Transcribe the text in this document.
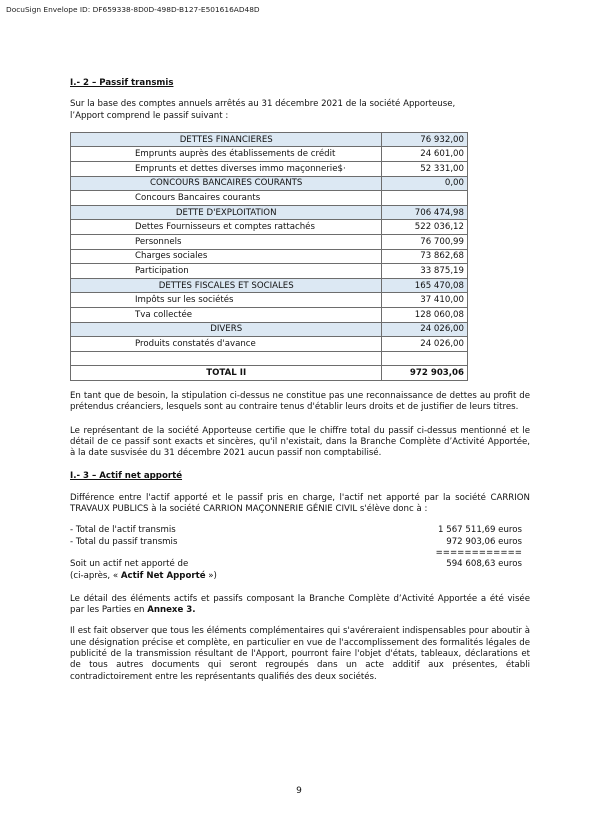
DocuSign Envelope ID: DF659338-8D0D-498D-B127-E501616AD48D
I.- 2 – Passif transmis

Sur la base des comptes annuels arrêtés au 31 décembre 2021 de la société Apporteuse,
l’Apport comprend le passif suivant :

DETTES FINANCIERES	76 932,00
Emprunts auprès des établissements de crédit	24 601,00
Emprunts et dettes diverses immo maçonnerie$·	52 331,00
CONCOURS BANCAIRES COURANTS	0,00
Concours Bancaires courants	
DETTE D'EXPLOITATION	706 474,98
Dettes Fournisseurs et comptes rattachés	522 036,12
Personnels	76 700,99
Charges sociales	73 862,68
Participation	33 875,19
DETTES FISCALES ET SOCIALES	165 470,08
Impôts sur les sociétés	37 410,00
Tva collectée	128 060,08
DIVERS	24 026,00
Produits constatés d'avance	24 026,00

TOTAL II	972 903,06

En tant que de besoin, la stipulation ci-dessus ne constitue pas une reconnaissance de dettes au profit de prétendus créanciers, lesquels sont au contraire tenus d'établir leurs droits et de justifier de leurs titres.

Le représentant de la société Apporteuse certifie que le chiffre total du passif ci-dessus mentionné et le détail de ce passif sont exacts et sincères, qu'il n'existait, dans la Branche Complète d’Activité Apportée, à la date susvisée du 31 décembre 2021 aucun passif non comptabilisé.

I.- 3 – Actif net apporté

Différence entre l'actif apporté et le passif pris en charge, l'actif net apporté par la société CARRION TRAVAUX PUBLICS à la société CARRION MAÇONNERIE GÉNIE CIVIL s'élève donc à :

- Total de l'actif transmis	1 567 511,69 euros
- Total du passif transmis	972 903,06 euros
============
Soit un actif net apporté de	594 608,63 euros
(ci-après, « Actif Net Apporté »)

Le détail des éléments actifs et passifs composant la Branche Complète d’Activité Apportée a été visée par les Parties en Annexe 3.

Il est fait observer que tous les éléments complémentaires qui s'avéreraient indispensables pour aboutir à une désignation précise et complète, en particulier en vue de l'accomplissement des formalités légales de publicité de la transmission résultant de l'Apport, pourront faire l'objet d'états, tableaux, déclarations et de tous autres documents qui seront regroupés dans un acte additif aux présentes, établi contradictoirement entre les représentants qualifiés des deux sociétés.

9
